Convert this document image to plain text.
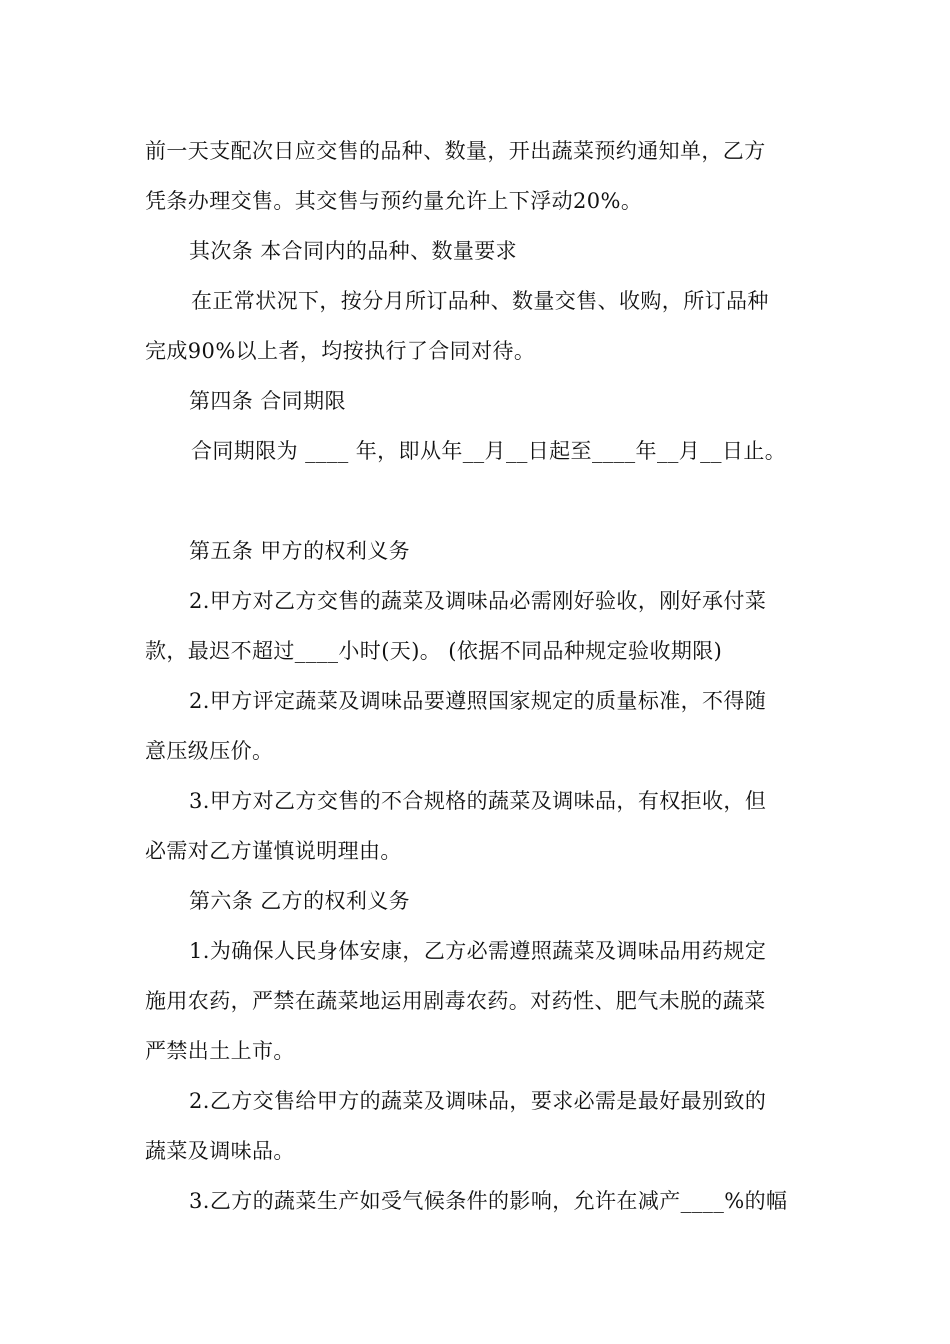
前一天支配次日应交售的品种、数量，开出蔬菜预约通知单，乙方
凭条办理交售。其交售与预约量允许上下浮动20%。
其次条 本合同内的品种、数量要求
在正常状况下，按分月所订品种、数量交售、收购，所订品种
完成90%以上者，均按执行了合同对待。
第四条 合同期限
合同期限为 ____ 年，即从年__月__日起至____年__月__日止。
第五条 甲方的权利义务
2.甲方对乙方交售的蔬菜及调味品必需刚好验收，刚好承付菜
款，最迟不超过____小时(天)。 (依据不同品种规定验收期限)
2.甲方评定蔬菜及调味品要遵照国家规定的质量标准，不得随
意压级压价。
3.甲方对乙方交售的不合规格的蔬菜及调味品，有权拒收，但
必需对乙方谨慎说明理由。
第六条 乙方的权利义务
1.为确保人民身体安康，乙方必需遵照蔬菜及调味品用药规定
施用农药，严禁在蔬菜地运用剧毒农药。对药性、肥气未脱的蔬菜
严禁出土上市。
2.乙方交售给甲方的蔬菜及调味品，要求必需是最好最别致的
蔬菜及调味品。
3.乙方的蔬菜生产如受气候条件的影响，允许在减产____%的幅
